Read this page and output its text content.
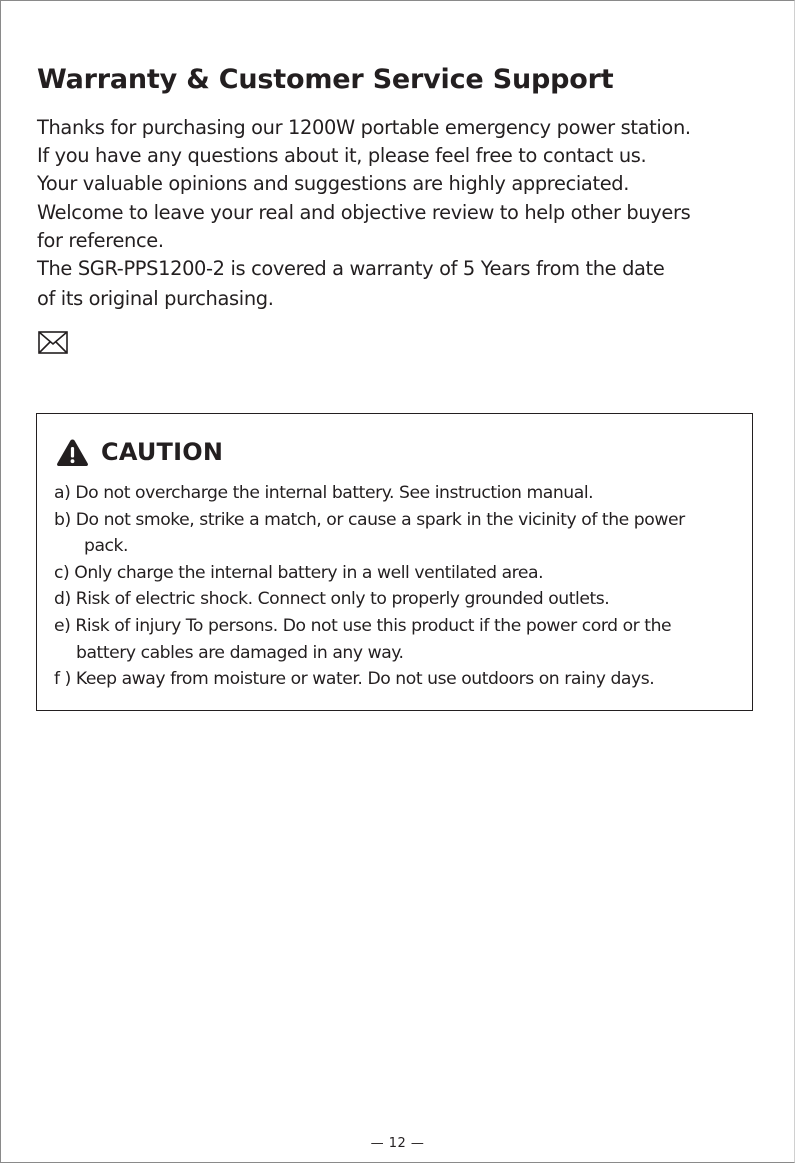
Warranty & Customer Service Support
Thanks for purchasing our 1200W portable emergency power station.
If you have any questions about it, please feel free to contact us.
Your valuable opinions and suggestions are highly appreciated.
Welcome to leave your real and objective review to help other buyers
for reference.
The SGR-PPS1200-2 is covered a warranty of 5 Years from the date
of its original purchasing.
CAUTION
a) Do not overcharge the internal battery. See instruction manual.
b) Do not smoke, strike a match, or cause a spark in the vicinity of the power
pack.
c) Only charge the internal battery in a well ventilated area.
d) Risk of electric shock. Connect only to properly grounded outlets.
e) Risk of injury To persons. Do not use this product if the power cord or the
battery cables are damaged in any way.
f ) Keep away from moisture or water. Do not use outdoors on rainy days.
— 12 —
